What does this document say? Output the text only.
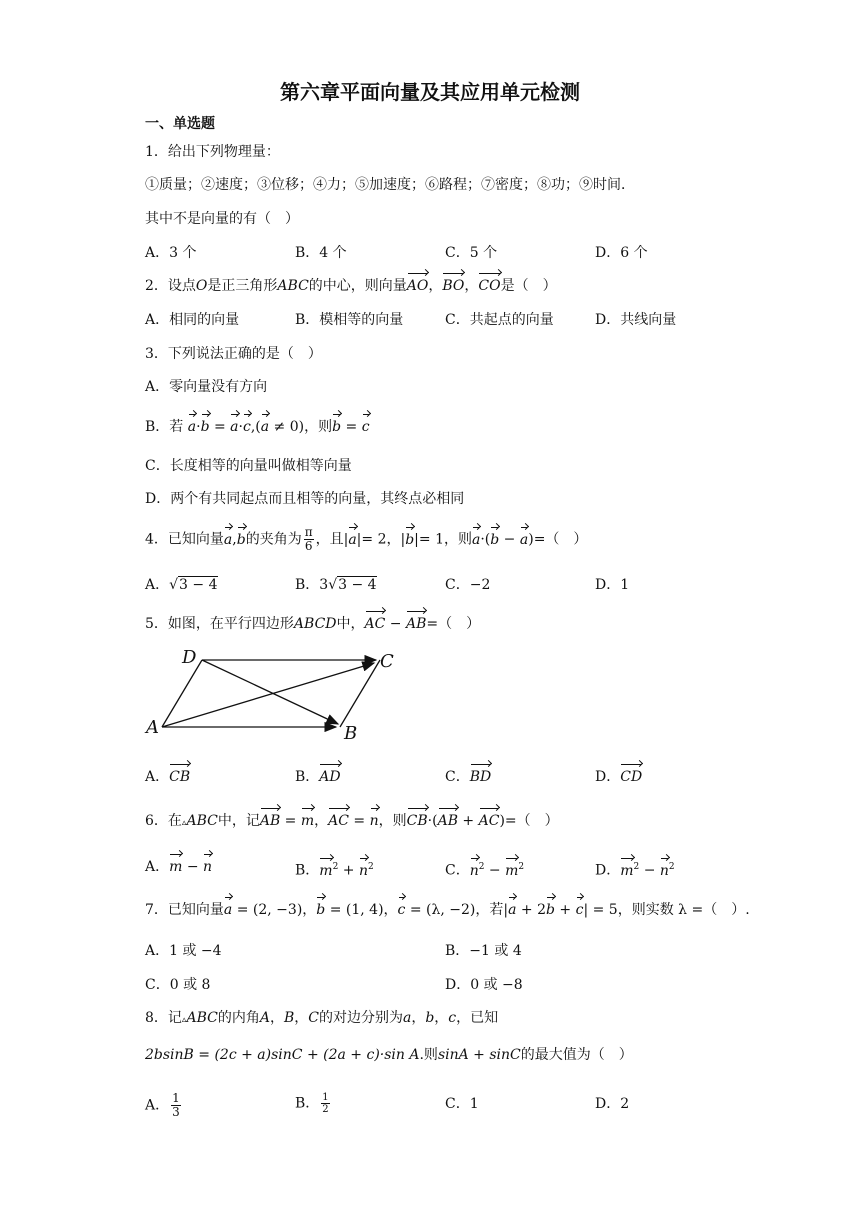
第六章平面向量及其应用单元检测
一、单选题
1．给出下列物理量：
①质量；②速度；③位移；④力；⑤加速度；⑥路程；⑦密度；⑧功；⑨时间．
其中不是向量的有（　）
A．3 个	B．4 个	C．5 个	D．6 个
2．设点O是正三角形ABC的中心，则向量AO，BO，CO是（　）
A．相同的向量	B．模相等的向量	C．共起点的向量	D．共线向量
3．下列说法正确的是（　）
A．零向量没有方向
B．若 a·b = a·c,(a ≠ 0)，则b = c
C．长度相等的向量叫做相等向量
D．两个有共同起点而且相等的向量，其终点必相同
4．已知向量a,b的夹角为 $\frac{\pi}{6}$ ，且|a|= 2，|b|= 1，则a·(b − a)=（　）
A．√3 − 4	B．3√3 − 4	C．−2	D．1
5．如图，在平行四边形ABCD中，AC − AB=（　）
A
D	C
B
A．CB	B．AD	C．BD	D．CD
6．在▵ABC中，记AB = m，AC = n，则CB·(AB + AC)=（　）
A．m − n	B．$m^2 + n^2$	C．$n^2 - m^2$	D．$m^2 - n^2$
7．已知向量a = (2, −3)，b = (1, 4)，c = (λ, −2)，若|a + 2b + c| = 5，则实数 λ =（　）.
A．1 或 −4	B．−1 或 4
C．0 或 8	D．0 或 −8
8．记▵ABC的内角A，B，C的对边分别为a，b，c，已知
2bsinB = (2c + a)sinC + (2a + c)·sin A.则sinA + sinC的最大值为（　）
A． $\frac{1}{3}$	B． $\frac{1}{2}$	C．1	D．2
